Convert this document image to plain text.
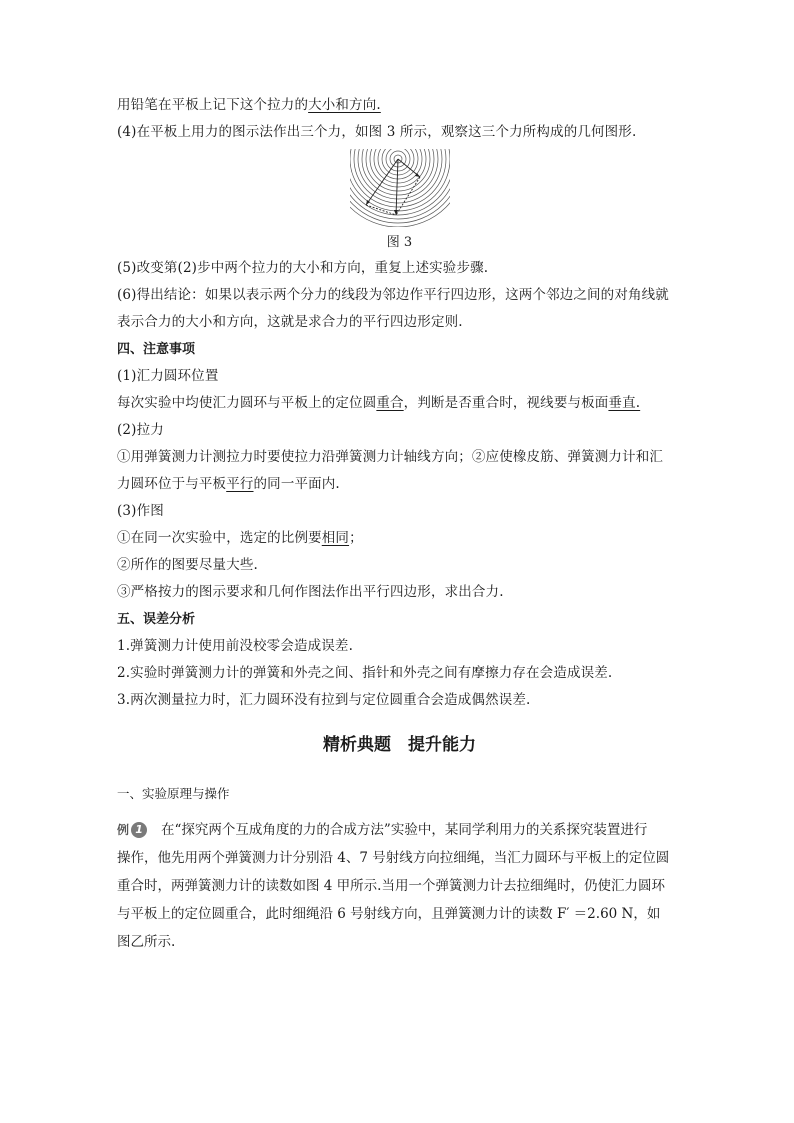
用铅笔在平板上记下这个拉力的大小和方向.
(4)在平板上用力的图示法作出三个力，如图 3 所示，观察这三个力所构成的几何图形.
图 3
(5)改变第(2)步中两个拉力的大小和方向，重复上述实验步骤.
(6)得出结论：如果以表示两个分力的线段为邻边作平行四边形，这两个邻边之间的对角线就
表示合力的大小和方向，这就是求合力的平行四边形定则.
四、注意事项
(1)汇力圆环位置
每次实验中均使汇力圆环与平板上的定位圆重合，判断是否重合时，视线要与板面垂直.
(2)拉力
①用弹簧测力计测拉力时要使拉力沿弹簧测力计轴线方向；②应使橡皮筋、弹簧测力计和汇
力圆环位于与平板平行的同一平面内.
(3)作图
①在同一次实验中，选定的比例要相同；
②所作的图要尽量大些.
③严格按力的图示要求和几何作图法作出平行四边形，求出合力.
五、误差分析
1.弹簧测力计使用前没校零会造成误差.
2.实验时弹簧测力计的弹簧和外壳之间、指针和外壳之间有摩擦力存在会造成误差.
3.两次测量拉力时，汇力圆环没有拉到与定位圆重合会造成偶然误差.
精析典题　提升能力
一、实验原理与操作
例 1 在“探究两个互成角度的力的合成方法”实验中，某同学利用力的关系探究装置进行
操作，他先用两个弹簧测力计分别沿 4、7 号射线方向拉细绳，当汇力圆环与平板上的定位圆
重合时，两弹簧测力计的读数如图 4 甲所示.当用一个弹簧测力计去拉细绳时，仍使汇力圆环
与平板上的定位圆重合，此时细绳沿 6 号射线方向，且弹簧测力计的读数 F′ ＝2.60 N，如
图乙所示.
